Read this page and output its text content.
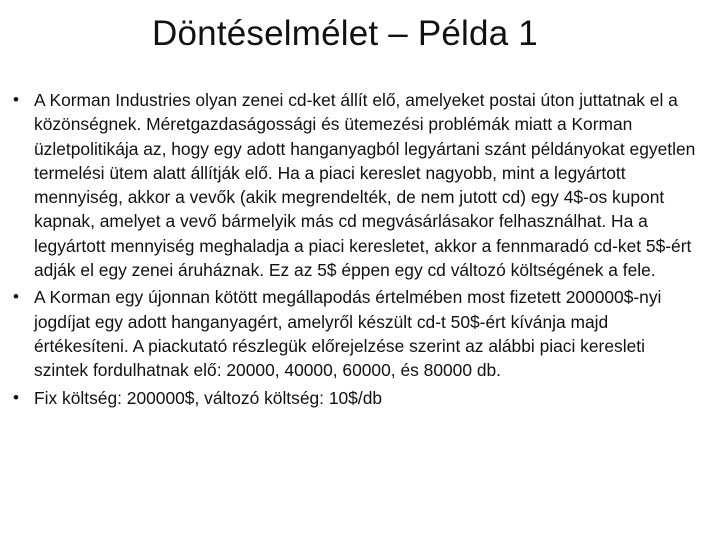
Döntéselmélet – Példa 1
• A Korman Industries olyan zenei cd-ket állít elő, amelyeket postai úton juttatnak el a közönségnek. Méretgazdaságossági és ütemezési problémák miatt a Korman üzletpolitikája az, hogy egy adott hanganyagból legyártani szánt példányokat egyetlen termelési ütem alatt állítják elő. Ha a piaci kereslet nagyobb, mint a legyártott mennyiség, akkor a vevők (akik megrendelték, de nem jutott cd) egy 4$-os kupont kapnak, amelyet a vevő bármelyik más cd megvásárlásakor felhasználhat. Ha a legyártott mennyiség meghaladja a piaci keresletet, akkor a fennmaradó cd-ket 5$-ért adják el egy zenei áruháznak. Ez az 5$ éppen egy cd változó költségének a fele.
• A Korman egy újonnan kötött megállapodás értelmében most fizetett 200000$-nyi jogdíjat egy adott hanganyagért, amelyről készült cd-t 50$-ért kívánja majd értékesíteni. A piackutató részlegük előrejelzése szerint az alábbi piaci keresleti szintek fordulhatnak elő: 20000, 40000, 60000, és 80000 db.
• Fix költség: 200000$, változó költség: 10$/db
